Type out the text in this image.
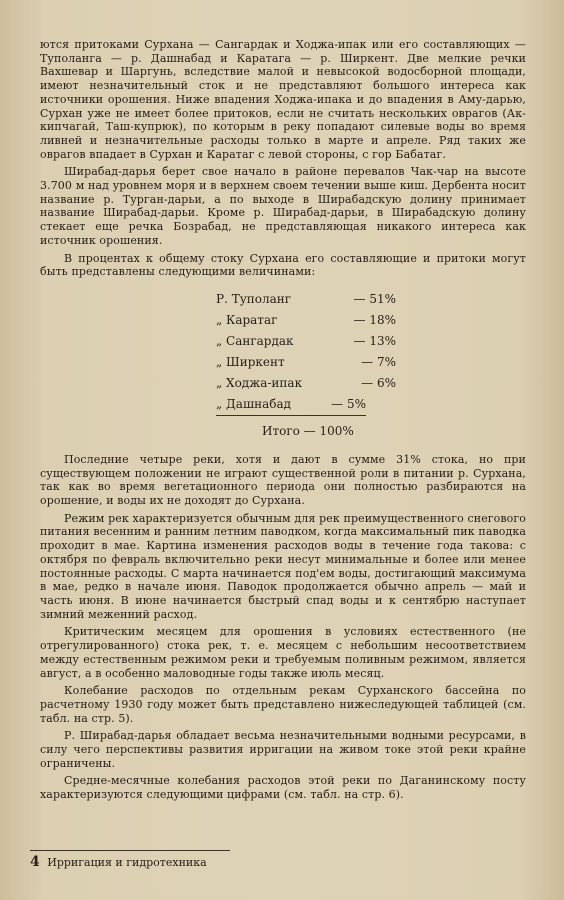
ются притоками Сурхана — Сангардак и Ходжа-ипак или его составляющих — Туполанга — р. Дашнабад и Каратага — р. Ширкент. Две мелкие речки Вахшевар и Шаргунь, вследствие малой и невысокой водосборной площади, имеют незначительный сток и не представляют большого интереса как источники орошения. Ниже впадения Ходжа-ипака и до впадения в Аму-дарью, Сурхан уже не имеет более притоков, если не считать нескольких оврагов (Ак-кипчагай, Таш-купрюк), по которым в реку попадают силевые воды во время ливней и незначительные расходы только в марте и апреле. Ряд таких же оврагов впадает в Сурхан и Каратаг с левой стороны, с гор Бабатаг.

Ширабад-дарья берет свое начало в районе перевалов Чак-чар на высоте 3.700 м над уровнем моря и в верхнем своем течении выше киш. Дербента носит название р. Турган-дарьи, а по выходе в Ширабадскую долину принимает название Ширабад-дарьи. Кроме р. Ширабад-дарьи, в Ширабадскую долину стекает еще речка Бозрабад, не представляющая никакого интереса как источник орошения.

В процентах к общему стоку Сурхана его составляющие и притоки могут быть представлены следующими величинами:

Р. Туполанг	— 51%
„ Каратаг	— 18%
„ Сангардак	— 13%
„ Ширкент	— 7%
„ Ходжа-ипак	— 6%
„ Дашнабад	— 5%
Итого — 100%

Последние четыре реки, хотя и дают в сумме 31% стока, но при существующем положении не играют существенной роли в питании р. Сурхана, так как во время вегетационного периода они полностью разбираются на орошение, и воды их не доходят до Сурхана.

Режим рек характеризуется обычным для рек преимущественного снегового питания весенним и ранним летним паводком, когда максимальный пик паводка проходит в мае. Картина изменения расходов воды в течение года такова: с октября по февраль включительно реки несут минимальные и более или менее постоянные расходы. С марта начинается под'ем воды, достигающий максимума в мае, редко в начале июня. Паводок продолжается обычно апрель — май и часть июня. В июне начинается быстрый спад воды и к сентябрю наступает зимний меженний расход.

Критическим месяцем для орошения в условиях естественного (не отрегулированного) стока рек, т. е. месяцем с небольшим несоответствием между естественным режимом реки и требуемым поливным режимом, является август, а в особенно маловодные годы также июль месяц.

Колебание расходов по отдельным рекам Сурханского бассейна по расчетному 1930 году может быть представлено нижеследующей таблицей (см. табл. на стр. 5).

Р. Ширабад-дарья обладает весьма незначительными водными ресурсами, в силу чего перспективы развития ирригации на живом токе этой реки крайне ограничены.

Средне-месячные колебания расходов этой реки по Даганинскому посту характеризуются следующими цифрами (см. табл. на стр. 6).

4 Ирригация и гидротехника
